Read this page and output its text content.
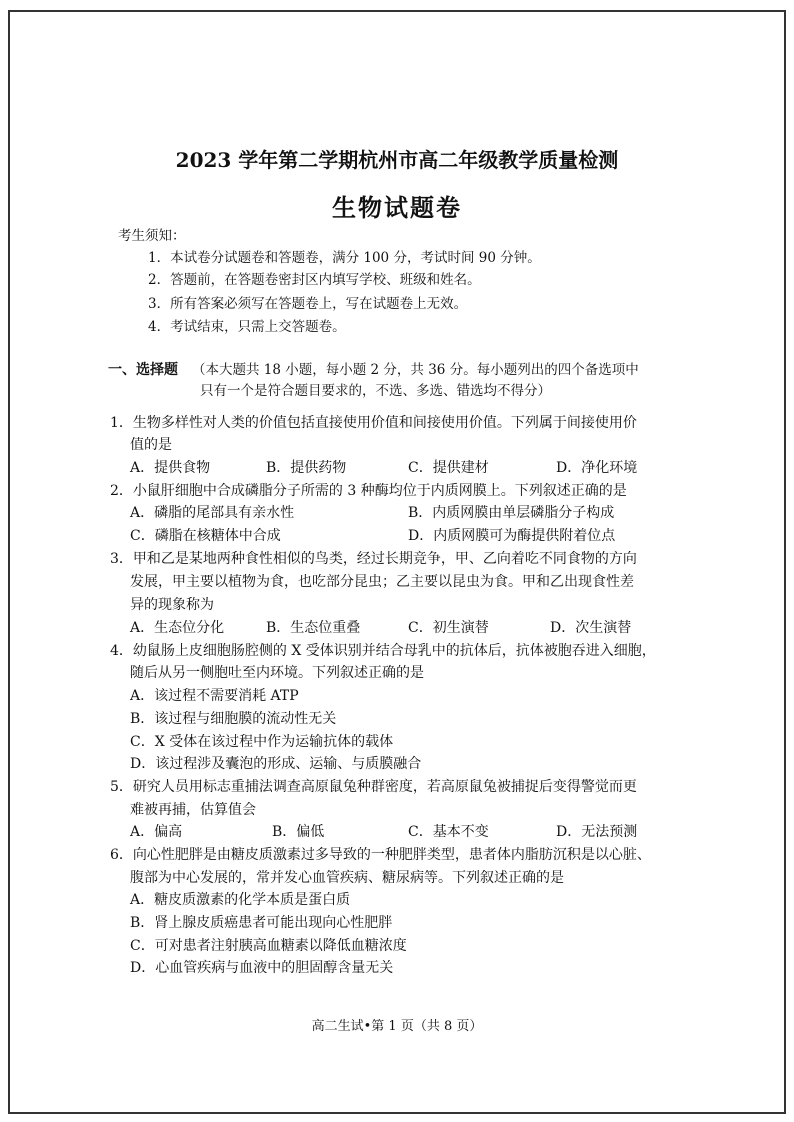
2023 学年第二学期杭州市高二年级教学质量检测
生物试题卷
考生须知：
1．本试卷分试题卷和答题卷，满分 100 分，考试时间 90 分钟。
2．答题前，在答题卷密封区内填写学校、班级和姓名。
3．所有答案必须写在答题卷上，写在试题卷上无效。
4．考试结束，只需上交答题卷。
一、选择题 （本大题共 18 小题，每小题 2 分，共 36 分。每小题列出的四个备选项中
只有一个是符合题目要求的，不选、多选、错选均不得分）
1．生物多样性对人类的价值包括直接使用价值和间接使用价值。下列属于间接使用价
值的是
A．提供食物	B．提供药物	C．提供建材	D．净化环境
2．小鼠肝细胞中合成磷脂分子所需的 3 种酶均位于内质网膜上。下列叙述正确的是
A．磷脂的尾部具有亲水性	B．内质网膜由单层磷脂分子构成
C．磷脂在核糖体中合成	D．内质网膜可为酶提供附着位点
3．甲和乙是某地两种食性相似的鸟类，经过长期竞争，甲、乙向着吃不同食物的方向
发展，甲主要以植物为食，也吃部分昆虫；乙主要以昆虫为食。甲和乙出现食性差
异的现象称为
A．生态位分化	B．生态位重叠	C．初生演替	D．次生演替
4．幼鼠肠上皮细胞肠腔侧的 X 受体识别并结合母乳中的抗体后，抗体被胞吞进入细胞，
随后从另一侧胞吐至内环境。下列叙述正确的是
A．该过程不需要消耗 ATP
B．该过程与细胞膜的流动性无关
C．X 受体在该过程中作为运输抗体的载体
D．该过程涉及囊泡的形成、运输、与质膜融合
5．研究人员用标志重捕法调查高原鼠兔种群密度，若高原鼠兔被捕捉后变得警觉而更
难被再捕，估算值会
A．偏高	B．偏低	C．基本不变	D．无法预测
6．向心性肥胖是由糖皮质激素过多导致的一种肥胖类型，患者体内脂肪沉积是以心脏、
腹部为中心发展的，常并发心血管疾病、糖尿病等。下列叙述正确的是
A．糖皮质激素的化学本质是蛋白质
B．肾上腺皮质癌患者可能出现向心性肥胖
C．可对患者注射胰高血糖素以降低血糖浓度
D．心血管疾病与血液中的胆固醇含量无关
高二生试•第 1 页（共 8 页）
